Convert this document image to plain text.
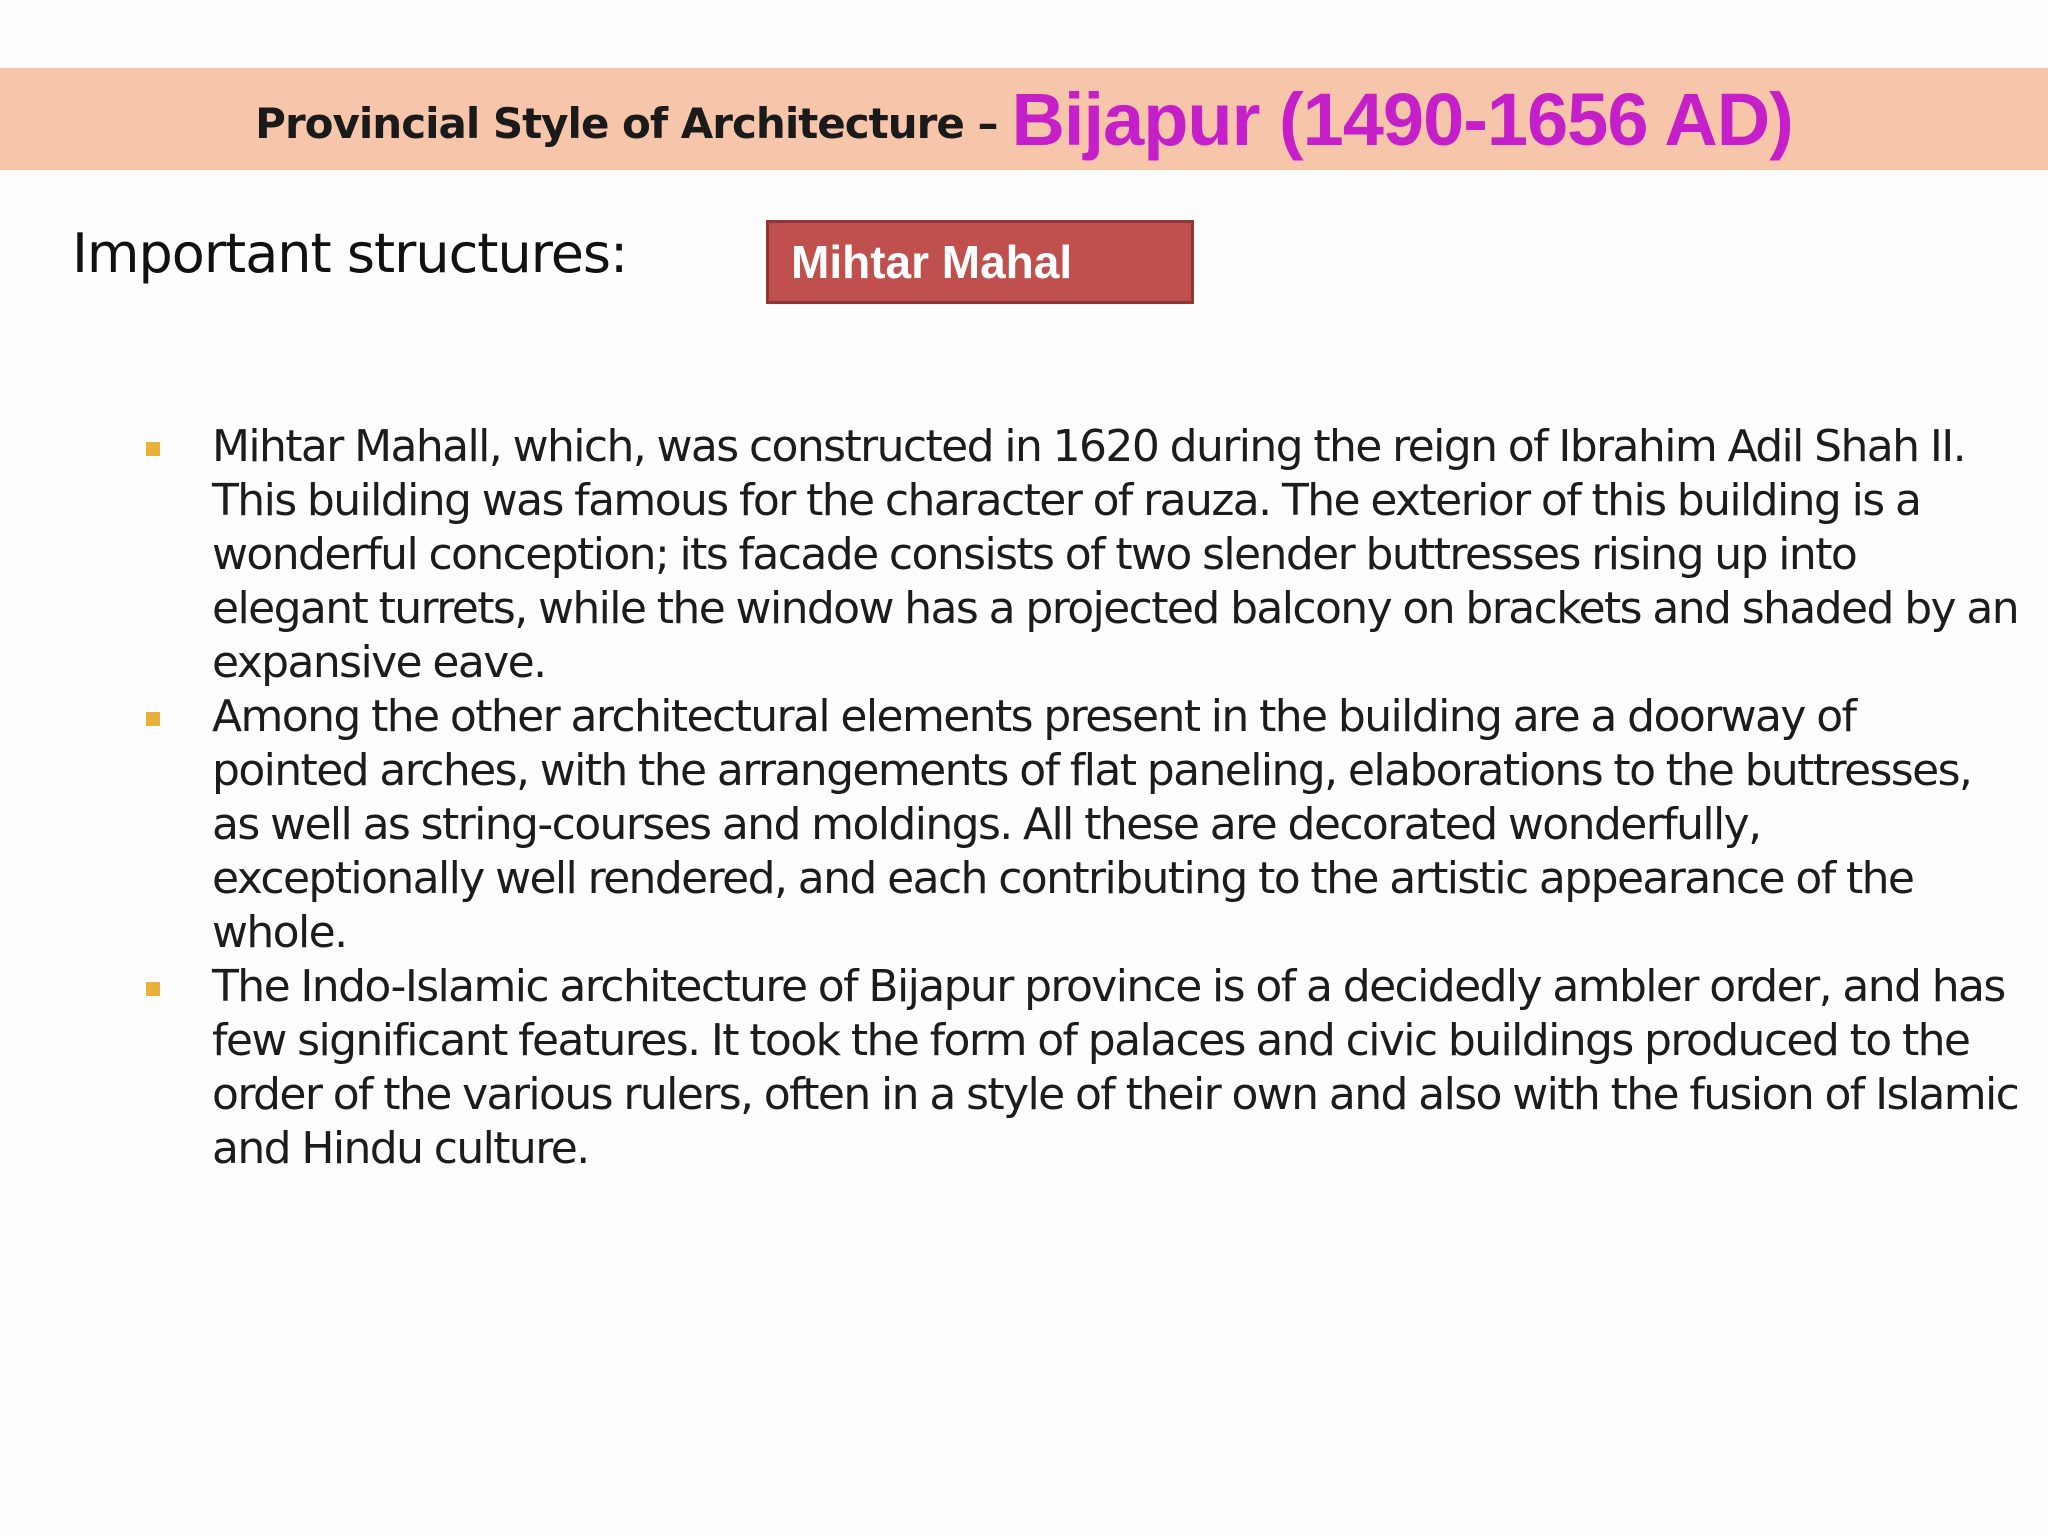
Provincial Style of Architecture – Bijapur (1490-1656 AD)
Important structures:	Mihtar Mahal
Mihtar Mahall, which, was constructed in 1620 during the reign of Ibrahim Adil Shah II. This building was famous for the character of rauza. The exterior of this building is a wonderful conception; its facade consists of two slender buttresses rising up into elegant turrets, while the window has a projected balcony on brackets and shaded by an expansive eave.
Among the other architectural elements present in the building are a doorway of pointed arches, with the arrangements of flat paneling, elaborations to the buttresses, as well as string-courses and moldings. All these are decorated wonderfully, exceptionally well rendered, and each contributing to the artistic appearance of the whole.
The Indo-Islamic architecture of Bijapur province is of a decidedly ambler order, and has few significant features. It took the form of palaces and civic buildings produced to the order of the various rulers, often in a style of their own and also with the fusion of Islamic and Hindu culture.
